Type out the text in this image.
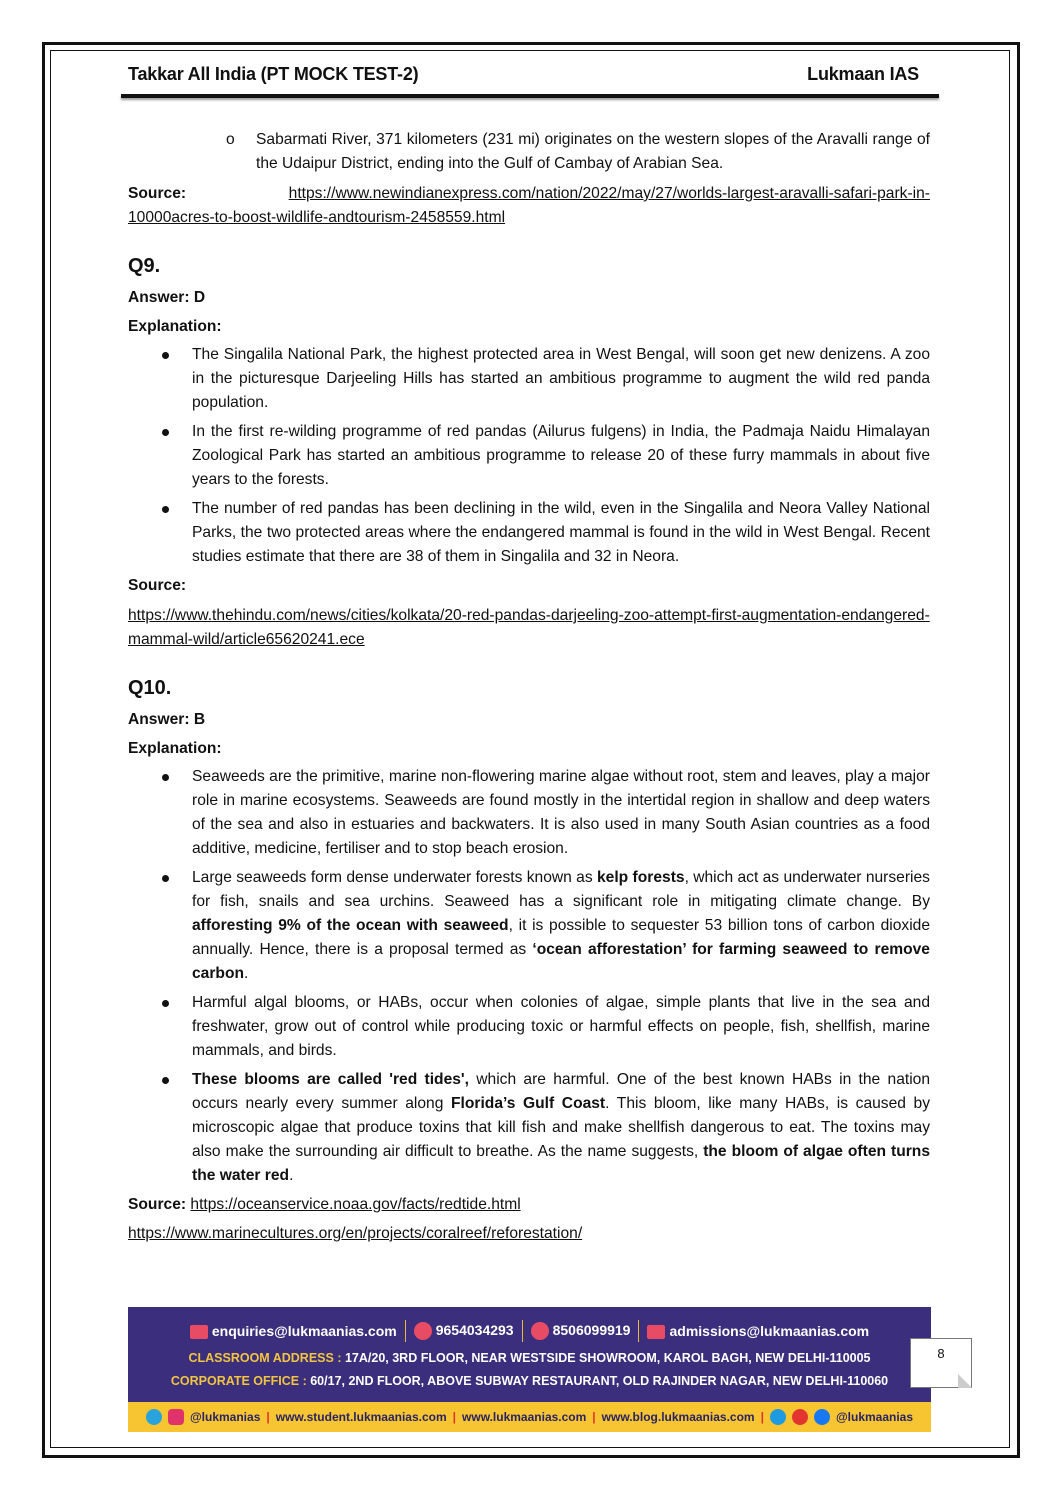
Takkar All India (PT MOCK TEST-2)	Lukmaan IAS

o Sabarmati River, 371 kilometers (231 mi) originates on the western slopes of the Aravalli range of the Udaipur District, ending into the Gulf of Cambay of Arabian Sea.

Source:	https://www.newindianexpress.com/nation/2022/may/27/worlds-largest-aravalli-safari-park-in-10000acres-to-boost-wildlife-andtourism-2458559.html

Q9.

Answer: D

Explanation:

The Singalila National Park, the highest protected area in West Bengal, will soon get new denizens. A zoo in the picturesque Darjeeling Hills has started an ambitious programme to augment the wild red panda population.
In the first re-wilding programme of red pandas (Ailurus fulgens) in India, the Padmaja Naidu Himalayan Zoological Park has started an ambitious programme to release 20 of these furry mammals in about five years to the forests.
The number of red pandas has been declining in the wild, even in the Singalila and Neora Valley National Parks, the two protected areas where the endangered mammal is found in the wild in West Bengal. Recent studies estimate that there are 38 of them in Singalila and 32 in Neora.

Source:

https://www.thehindu.com/news/cities/kolkata/20-red-pandas-darjeeling-zoo-attempt-first-augmentation-endangered-mammal-wild/article65620241.ece

Q10.

Answer: B

Explanation:

Seaweeds are the primitive, marine non-flowering marine algae without root, stem and leaves, play a major role in marine ecosystems. Seaweeds are found mostly in the intertidal region in shallow and deep waters of the sea and also in estuaries and backwaters. It is also used in many South Asian countries as a food additive, medicine, fertiliser and to stop beach erosion.
Large seaweeds form dense underwater forests known as kelp forests, which act as underwater nurseries for fish, snails and sea urchins. Seaweed has a significant role in mitigating climate change. By afforesting 9% of the ocean with seaweed, it is possible to sequester 53 billion tons of carbon dioxide annually. Hence, there is a proposal termed as ‘ocean afforestation’ for farming seaweed to remove carbon.
Harmful algal blooms, or HABs, occur when colonies of algae, simple plants that live in the sea and freshwater, grow out of control while producing toxic or harmful effects on people, fish, shellfish, marine mammals, and birds.
These blooms are called 'red tides', which are harmful. One of the best known HABs in the nation occurs nearly every summer along Florida’s Gulf Coast. This bloom, like many HABs, is caused by microscopic algae that produce toxins that kill fish and make shellfish dangerous to eat. The toxins may also make the surrounding air difficult to breathe. As the name suggests, the bloom of algae often turns the water red.

Source: https://oceanservice.noaa.gov/facts/redtide.html

https://www.marinecultures.org/en/projects/coralreef/reforestation/

enquiries@lukmaanias.com	9654034293	8506099919	admissions@lukmaanias.com
CLASSROOM ADDRESS : 17A/20, 3RD FLOOR, NEAR WESTSIDE SHOWROOM, KAROL BAGH, NEW DELHI-110005
CORPORATE OFFICE : 60/17, 2ND FLOOR, ABOVE SUBWAY RESTAURANT, OLD RAJINDER NAGAR, NEW DELHI-110060
@lukmanias | www.student.lukmaanias.com | www.lukmaanias.com | www.blog.lukmaanias.com |	@lukmaanias
8
